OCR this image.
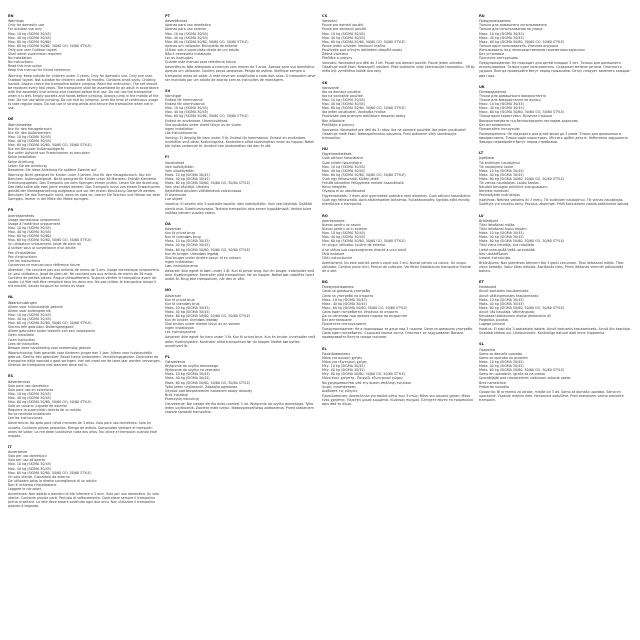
EN
Warnings
Only for domestic use
For outdoor use only
Max. 10 kg (SIGMA 30/45)
Max. 40 kg (SIGMA 30/45)
Max. 60 kg (SIGMA 50/60)
Max. 60 kg (SIGMA 50/60, 50/60 GO, 50/60 STYLE)
Only one user Outdoor toyset
Shall admit supervision required
No installation
No instructions
Read this instruction
Keep this manual for future reference
Warning: Keep outside for children under 3 years. Only for domestic use. Only one user. Outdoor toyset. Not suitable for children under 36 months. Contains small parts. Choking hazard. Always check the trampoline before jumping. Read the instruction. The net should be replaced every two years. The trampoline shall be assembled by an adult in accordance with the assembly instructions and checked before first use. Do not use the trampoline when it is wet. Empty pockets and hands before jumping. Always jump in the middle of the mat. Do not use while jumping. Do not exit by jumping. Limit the time of continuous usage to take regular stops. Do not use in strong winds and secure the trampoline when not in use.
DE
Warnhinweise
Nur für den Hausgebrauch
Nur für den Außenbereich
Max. 10 kg (SIGMA 30/45)
Max. 40 kg (SIGMA 30/45)
Max. 60 kg (SIGMA 50/60, 50/60 GO, 50/60 STYLE)
Nur ein Benutzer Außenspielgerät
Nur unter Aufsicht von Erwachsenen zu benutzen
Keine Installation
Keine Anleitung
Lesen Sie die Anleitung
Bewahren Sie diese Anleitung für spätere Zwecke auf
Warnung: Nicht geeignet für Kinder unter 3 Jahren. Nur für den Hausgebrauch. Nur ein Benutzer. Außenspielgerät. Nicht geeignet für Kinder unter 36 Monaten. Enthält Kleinteile. Erstickungsgefahr. Das Trampolin vor dem Springen immer prüfen. Lesen Sie die Anleitung. Das Netz sollte alle zwei Jahre ersetzt werden. Das Trampolin muss von einem Erwachsenen gemäß der Montageanleitung aufgebaut und vor der ersten Benutzung überprüft werden. Benutzen Sie das Trampolin nicht, wenn es nass ist. Leeren Sie Taschen und Hände vor dem Springen. Immer in der Mitte der Matte springen.
FR
Avertissements
Usage domestique uniquement
Usage à l'extérieur uniquement
Max. 10 kg (SIGMA 30/45)
Max. 40 kg (SIGMA 30/45)
Max. 60 kg (SIGMA 50/60)
Max. 60 kg (SIGMA 50/60, 50/60 GO, 50/60 STYLE)
Un utilisateur uniquement. Jouet de plein air
À utiliser sous la surveillance d'un adulte
Pas d'installation
Pas d'instructions
Lire les instructions
Conservez ce manuel pour référence future
Attention : Ne convient pas aux enfants de moins de 3 ans. Usage domestique uniquement. Un seul utilisateur. Jouet de plein air. Ne convient pas aux enfants de moins de 36 mois. Contient de petites pièces. Risque d'étouffement. Toujours vérifier le trampoline avant de sauter. Le filet doit être remplacé tous les deux ans. Ne pas utiliser le trampoline lorsqu'il est mouillé. Sauter toujours au milieu du tapis.
NL
Waarschuwingen
Alleen voor huishoudelijk gebruik
Alleen voor buitengebruik
Max. 10 kg (SIGMA 30/45)
Max. 40 kg (SIGMA 30/45)
Max. 60 kg (SIGMA 50/60, 50/60 GO, 50/60 STYLE)
Slechts één gebruiker. Buitenspeelgoed
Alleen gebruiken onder toezicht van een volwassene
Geen installatie
Geen instructies
Lees de instructies
Bewaar deze handleiding voor toekomstig gebruik
Waarschuwing: Niet geschikt voor kinderen jonger dan 3 jaar. Alleen voor huishoudelijk gebruik. Slechts één gebruiker. Bevat kleine onderdelen. Verstikkingsgevaar. Controleer de trampoline altijd voordat u gaat springen. Het net moet om de twee jaar worden vervangen. Gebruik de trampoline niet wanneer deze nat is.
ES
Advertencias
Solo para uso doméstico
Solo para uso en exteriores
Máx. 10 kg (SIGMA 30/45)
Máx. 40 kg (SIGMA 30/45)
Máx. 60 kg (SIGMA 50/60, 50/60 GO, 50/60 STYLE)
Solo un usuario. Juguete de exterior
Requiere la supervisión directa de un adulto
No se necesita instalación
Lea las instrucciones
Advertencia: No apto para niños menores de 3 años. Solo para uso doméstico. Solo un usuario. Contiene piezas pequeñas. Riesgo de asfixia. Compruebe siempre el trampolín antes de saltar. La red debe sustituirse cada dos años. No utilice el trampolín cuando esté mojado.
IT
Avvertenze
Solo per uso domestico
Solo per uso all'aperto
Max. 10 kg (SIGMA 30/45)
Max. 40 kg (SIGMA 30/45)
Max. 60 kg (SIGMA 50/60, 50/60 GO, 50/60 STYLE)
Un solo utente. Giocattolo da esterno
Da utilizzare sotto la diretta sorveglianza di un adulto
Non è richiesta l'installazione
Leggere le istruzioni
Avvertenza: Non adatto a bambini di età inferiore a 3 anni. Solo per uso domestico. Un solo utente. Contiene piccole parti. Pericolo di soffocamento. Controllare sempre il trampolino prima di saltare. La rete deve essere sostituita ogni due anni. Non utilizzare il trampolino quando è bagnato.
PT
Advertências
Apenas para uso doméstico
Apenas para uso exterior
Máx. 10 kg (SIGMA 30/45)
Máx. 40 kg (SIGMA 30/45)
Máx. 60 kg (SIGMA 50/60, 50/60 GO, 50/60 STYLE)
Apenas um utilizador. Brinquedo de exterior
Utilizar sob a supervisão direta de um adulto
Não é necessária instalação
Ler as instruções
Guarde este manual para referência futura
Advertência: Não adequado a crianças com menos de 3 anos. Apenas para uso doméstico. Apenas um utilizador. Contém peças pequenas. Perigo de asfixia. Verifique sempre o trampolim antes de saltar. A rede deve ser substituída a cada dois anos. O trampolim deve ser montado por um adulto de acordo com as instruções de montagem.
SV
Varningar
Endast för hemmabruk
Endast för utomhusbruk
Max. 10 kg (SIGMA 30/45)
Max. 40 kg (SIGMA 30/45)
Max. 60 kg (SIGMA 50/60, 50/60 GO, 50/60 STYLE)
Endast en användare. Utomhusleksak
Ska användas under direkt tillsyn av en vuxen
Ingen installation
Läs instruktionerna
Varning: Ej lämplig för barn under 3 år. Endast för hemmabruk. Endast en användare. Innehåller små delar. Kvävningsrisk. Kontrollera alltid studsmattan innan du hoppar. Nätet bör bytas vartannat år. Använd inte studsmattan när den är våt.
FI
Varoitukset
Vain kotikäyttöön
Vain ulkokäyttöön
Maks. 10 kg (SIGMA 30/45)
Maks. 40 kg (SIGMA 30/45)
Maks. 60 kg (SIGMA 50/60, 50/60 GO, 50/60 STYLE)
Vain yksi käyttäjä. Ulkolelu
Käytettävä aikuisen välittömässä valvonnassa
Ei asennusta
Lue ohjeet
Varoitus: Ei sovellu alle 3-vuotiaille lapsille. Vain kotikäyttöön. Vain yksi käyttäjä. Sisältää pieniä osia. Tukehtumisvaara. Tarkista trampoliini aina ennen hyppäämistä. Verkko tulee vaihtaa kahden vuoden välein.
DA
Advarsler
Kun til privat brug
Kun til udendørs brug
Maks. 10 kg (SIGMA 30/45)
Maks. 40 kg (SIGMA 30/45)
Maks. 60 kg (SIGMA 50/60, 50/60 GO, 50/60 STYLE)
Kun én bruger. Udendørs legetøj
Skal bruges under direkte opsyn af en voksen
Ingen installation
Læs instruktionerne
Advarsel: Ikke egnet til børn under 3 år. Kun til privat brug. Kun én bruger. Indeholder små dele. Kvælningsfare. Kontroller altid trampolinen, før du hopper. Nettet bør udskiftes hvert andet år. Brug ikke trampolinen, når den er våd.
NO
Advarsler
Kun til privat bruk
Kun til utendørs bruk
Maks. 10 kg (SIGMA 30/45)
Maks. 40 kg (SIGMA 30/45)
Maks. 60 kg (SIGMA 50/60, 50/60 GO, 50/60 STYLE)
Kun én bruker. Utendørs leketøy
Skal brukes under direkte tilsyn av en voksen
Ingen installasjon
Les instruksjonene
Advarsel: Ikke egnet for barn under 3 år. Kun til privat bruk. Kun én bruker. Inneholder små deler. Kvelningsfare. Kontroller alltid trampolinen før du hopper. Nettet bør byttes annethvert år.
PL
Ostrzeżenia
Wyłącznie do użytku domowego
Wyłącznie do użytku na zewnątrz
Maks. 10 kg (SIGMA 30/45)
Maks. 40 kg (SIGMA 30/45)
Maks. 60 kg (SIGMA 50/60, 50/60 GO, 50/60 STYLE)
Tylko jeden użytkownik. Zabawka ogrodowa
Używać pod bezpośrednim nadzorem osoby dorosłej
Brak instalacji
Przeczytaj instrukcję
Ostrzeżenie: Nie nadaje się dla dzieci poniżej 3 lat. Wyłącznie do użytku domowego. Tylko jeden użytkownik. Zawiera małe części. Niebezpieczeństwo zadławienia. Przed skakaniem zawsze sprawdź trampolinę.
CS
Varování
Pouze pro domácí použití
Pouze pro venkovní použití
Max. 10 kg (SIGMA 30/45)
Max. 40 kg (SIGMA 30/45)
Max. 60 kg (SIGMA 50/60, 50/60 GO, 50/60 STYLE)
Pouze jeden uživatel. Venkovní hračka
Používejte pod přímým dohledem dospělé osoby
Žádná instalace
Přečtěte si pokyny
Varování: Nevhodné pro děti do 3 let. Pouze pro domácí použití. Pouze jeden uživatel. Obsahuje malé části. Nebezpečí udušení. Před skákáním vždy zkontrolujte trampolínu. Síť by měla být vyměněna každé dva roky.
SK
Varovanie
Iba na domáce použitie
Iba na vonkajšie použitie
Max. 10 kg (SIGMA 30/45)
Max. 40 kg (SIGMA 30/45)
Max. 60 kg (SIGMA 50/60, 50/60 GO, 50/60 STYLE)
Iba jeden používateľ. Vonkajšia hračka
Používajte pod priamym dohľadom dospelej osoby
Bez inštalácie
Prečítajte si pokyny
Varovanie: Nevhodné pre deti do 3 rokov. Iba na domáce použitie. Iba jeden používateľ. Obsahuje malé časti. Nebezpečenstvo udusenia. Pred skákaním vždy skontrolujte trampolínu.
HU
Figyelmeztetések
Csak otthoni használatra
Csak kültéri használatra
Max. 10 kg (SIGMA 30/45)
Max. 40 kg (SIGMA 30/45)
Max. 60 kg (SIGMA 50/60, 50/60 GO, 50/60 STYLE)
Csak egy felhasználó. Kültéri játék
Felnőtt közvetlen felügyelete mellett használható
Nincs telepítés
Olvassa el az utasításokat
Figyelmeztetés: 3 éven aluli gyermekek számára nem alkalmas. Csak otthoni használatra. Csak egy felhasználó. Apró alkatrészeket tartalmaz. Fulladásveszély. Ugrálás előtt mindig ellenőrizze a trampolint.
RO
Avertismente
Numai pentru uz casnic
Numai pentru uz în exterior
Max. 10 kg (SIGMA 30/45)
Max. 40 kg (SIGMA 30/45)
Max. 60 kg (SIGMA 50/60, 50/60 GO, 50/60 STYLE)
Un singur utilizator. Jucărie de exterior
A se utiliza sub supravegherea directă a unui adult
Fără instalare
Citiți instrucțiunile
Avertisment: Nu este potrivit pentru copiii sub 3 ani. Numai pentru uz casnic. Un singur utilizator. Conține piese mici. Pericol de sufocare. Verificați întotdeauna trampolina înainte de a sări.
BG
Предупреждения
Само за домашна употреба
Само за употреба на открито
Макс. 10 kg (SIGMA 30/45)
Макс. 40 kg (SIGMA 30/45)
Макс. 60 kg (SIGMA 50/60, 50/60 GO, 50/60 STYLE)
Само един потребител. Играчка за открито
Да се използва под прекия надзор на възрастен
Без инсталиране
Прочетете инструкциите
Предупреждение: Не е подходящо за деца под 3 години. Само за домашна употреба. Само един потребител. Съдържа малки части. Опасност от задушаване. Винаги проверявайте батута преди скачане.
EL
Προειδοποιήσεις
Μόνο για οικιακή χρήση
Μόνο για εξωτερική χρήση
Μέγ. 10 kg (SIGMA 30/45)
Μέγ. 40 kg (SIGMA 30/45)
Μέγ. 60 kg (SIGMA 50/60, 50/60 GO, 50/60 STYLE)
Μόνο ένας χρήστης. Παιχνίδι εξωτερικού χώρου
Να χρησιμοποιείται υπό την άμεση επίβλεψη ενηλίκου
Χωρίς εγκατάσταση
Διαβάστε τις οδηγίες
Προειδοποίηση: Ακατάλληλο για παιδιά κάτω των 3 ετών. Μόνο για οικιακή χρήση. Μόνο ένας χρήστης. Περιέχει μικρά κομμάτια. Κίνδυνος πνιγμού. Ελέγχετε πάντα το τραμπολίνο πριν από το άλμα.
RU
Предупреждения
Только для домашнего использования
Только для использования на улице
Макс. 10 kg (SIGMA 30/45)
Макс. 40 kg (SIGMA 30/45)
Макс. 60 kg (SIGMA 50/60, 50/60 GO, 50/60 STYLE)
Только один пользователь. Уличная игрушка
Использовать под непосредственным присмотром взрослых
Без установки
Прочтите инструкцию
Предупреждение: Не подходит для детей младше 3 лет. Только для домашнего использования. Только один пользователь. Содержит мелкие детали. Опасность удушья. Всегда проверяйте батут перед прыжками. Сетку следует заменять каждые два года.
UK
Попередження
Тільки для домашнього використання
Тільки для використання на вулиці
Макс. 10 kg (SIGMA 30/45)
Макс. 40 kg (SIGMA 30/45)
Макс. 60 kg (SIGMA 50/60, 50/60 GO, 50/60 STYLE)
Тільки один користувач. Вулична іграшка
Використовувати під безпосереднім наглядом дорослих
Без встановлення
Прочитайте інструкцію
Попередження: Не підходить для дітей віком до 3 років. Тільки для домашнього використання. Тільки один користувач. Містить дрібні деталі. Небезпека задушення. Завжди перевіряйте батут перед стрибками.
LT
Įspėjimai
Tik buitiniam naudojimui
Tik naudojimui lauke
Maks. 10 kg (SIGMA 30/45)
Maks. 40 kg (SIGMA 30/45)
Maks. 60 kg (SIGMA 50/60, 50/60 GO, 50/60 STYLE)
Tik vienas naudotojas. Lauko žaislas
Naudoti tiesiogiai prižiūrint suaugusiajam
Nereikia montuoti
Perskaitykite instrukcijas
Įspėjimas: Netinka vaikams iki 3 metų. Tik buitiniam naudojimui. Tik vienas naudotojas. Sudėtyje yra smulkių dalių. Pavojus užspringti. Prieš šokinėdami visada patikrinkite batutą.
LV
Brīdinājumi
Tikai lietošanai mājās
Tikai lietošanai ārpus telpām
Maks. 10 kg (SIGMA 30/45)
Maks. 40 kg (SIGMA 30/45)
Maks. 60 kg (SIGMA 50/60, 50/60 GO, 50/60 STYLE)
Tikai viens lietotājs. Āra rotaļlieta
Lietot pieaugušā tiešā uzraudzībā
Nav uzstādīšanas
Izlasiet instrukcijas
Brīdinājums: Nav piemērots bērniem līdz 3 gadu vecumam. Tikai lietošanai mājās. Tikai viens lietotājs. Satur sīkas detaļas. Aizrīšanās risks. Pirms lēkšanas vienmēr pārbaudiet batutu.
ET
Hoiatused
Ainult koduseks kasutamiseks
Ainult välitingimustes kasutamiseks
Maks. 10 kg (SIGMA 30/45)
Maks. 40 kg (SIGMA 30/45)
Maks. 60 kg (SIGMA 50/60, 50/60 GO, 50/60 STYLE)
Ainult üks kasutaja. Välimänguasi
Kasutada täiskasvanu otsese järelevalve all
Paigaldus puudub
Lugege juhiseid
Hoiatus: Ei sobi alla 3-aastastele lastele. Ainult koduseks kasutamiseks. Ainult üks kasutaja. Sisaldab väikesi osi. Lämbumisoht. Kontrollige batuuti alati enne hüppamist.
SL
Opozorila
Samo za domačo uporabo
Samo za uporabo na prostem
Maks. 10 kg (SIGMA 30/45)
Maks. 40 kg (SIGMA 30/45)
Maks. 60 kg (SIGMA 50/60, 50/60 GO, 50/60 STYLE)
Samo en uporabnik. Igrača za na prosto
Uporabljajte pod neposrednim nadzorom odrasle osebe
Brez namestitve
Preberite navodila
Opozorilo: Ni primerno za otroke, mlajše od 3 let. Samo za domačo uporabo. Samo en uporabnik. Vsebuje majhne dele. Nevarnost zadušitve. Pred skakanjem vedno preverite trampolin.
